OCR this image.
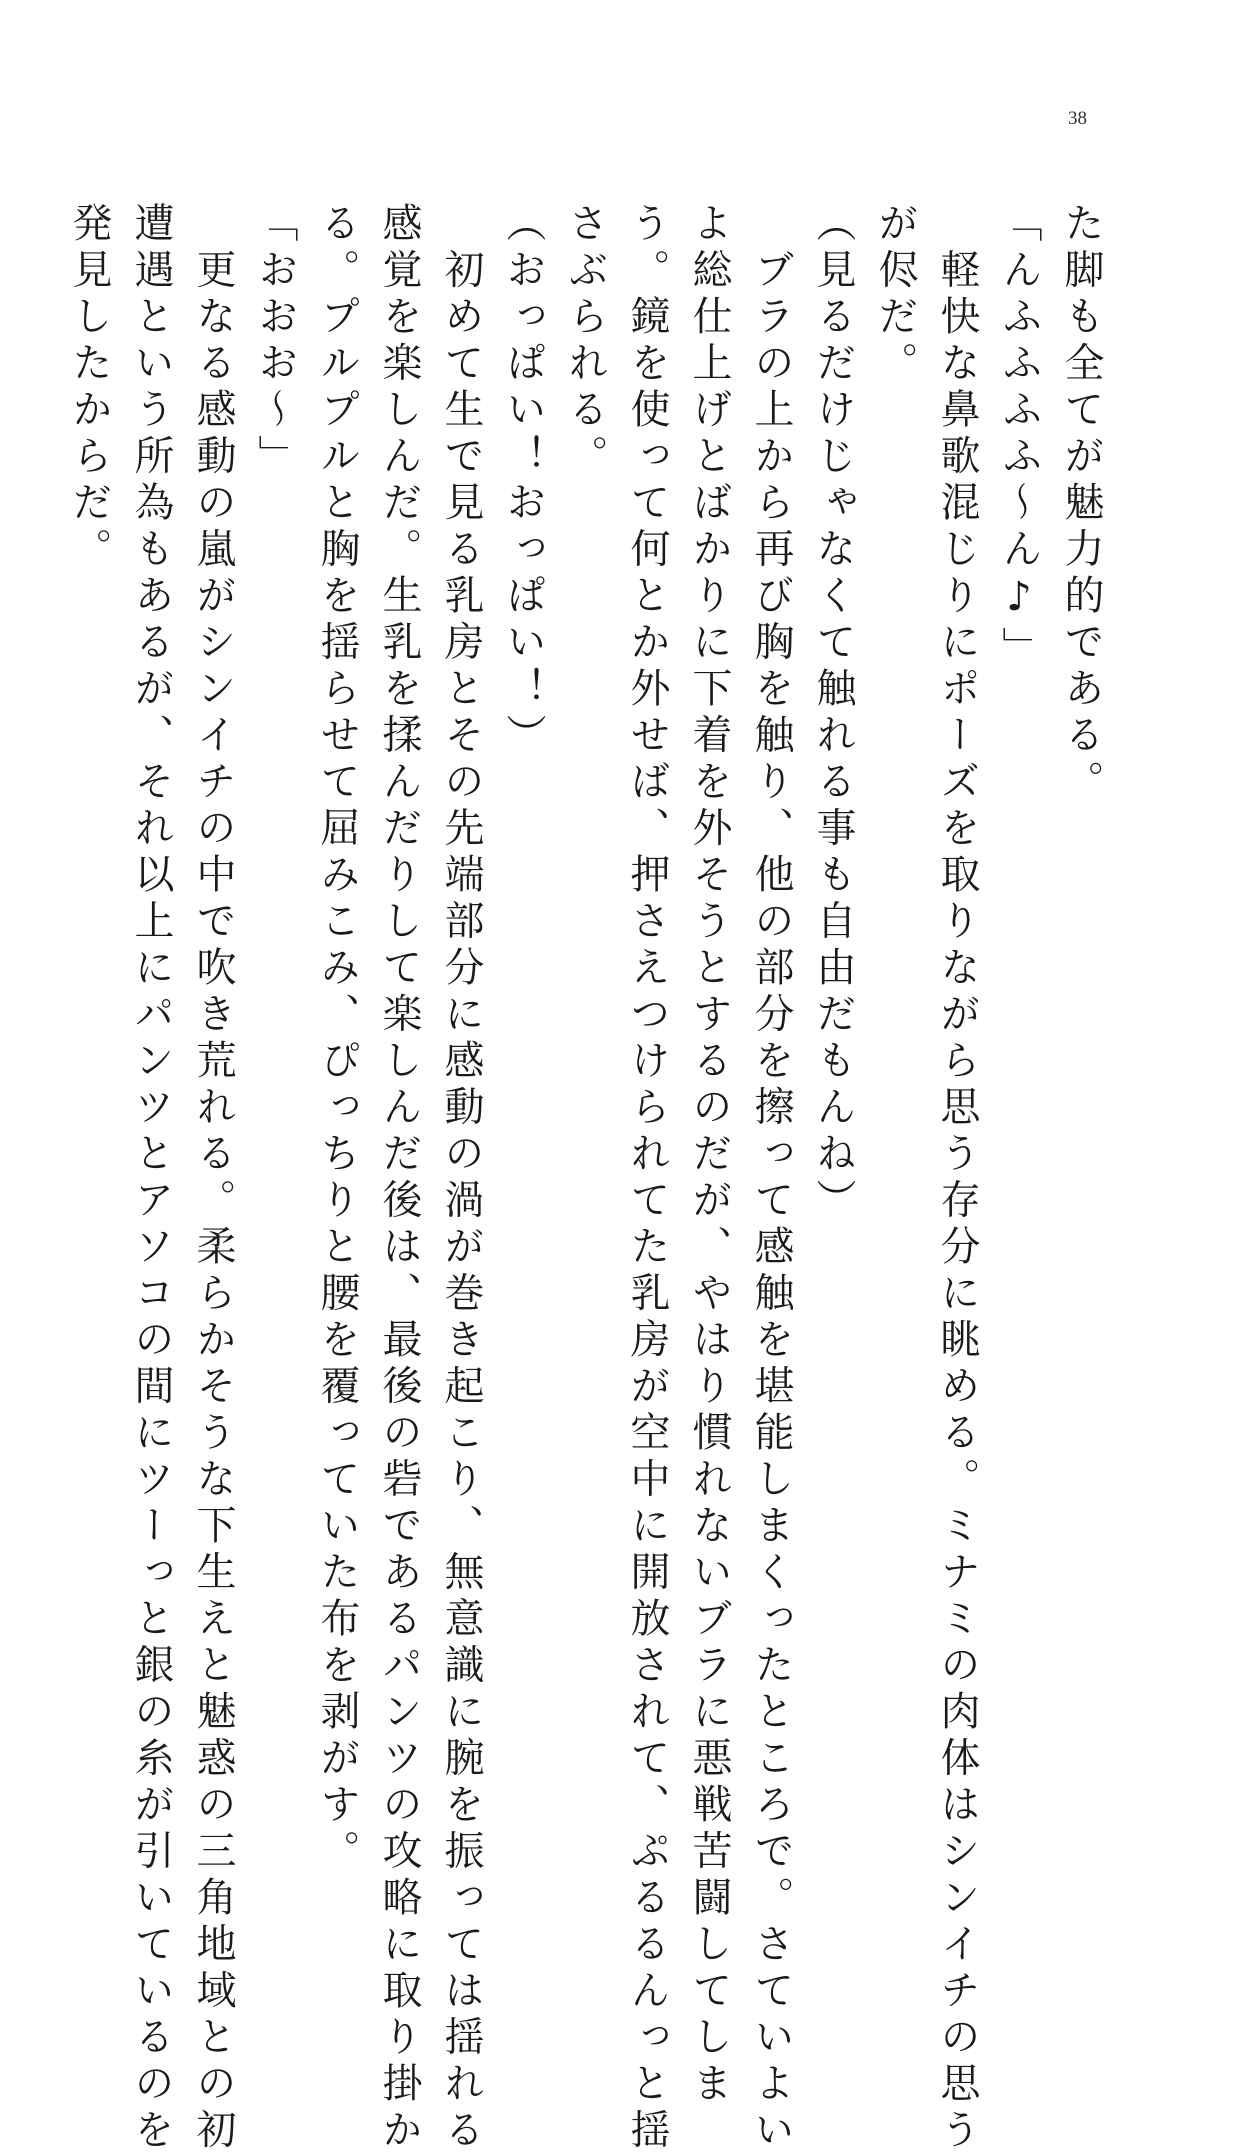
38

た脚も全てが魅力的である。

「んふふふふ～ん♪」

　軽快な鼻歌混じりにポーズを取りながら思う存分に眺める。ミナミの肉体はシンイチの思う

が侭だ。

（見るだけじゃなくて触れる事も自由だもんね）

　ブラの上から再び胸を触り、他の部分を擦って感触を堪能しまくったところで。さていよい

よ総仕上げとばかりに下着を外そうとするのだが、やはり慣れないブラに悪戦苦闘してしま

う。鏡を使って何とか外せば、押さえつけられてた乳房が空中に開放されて、ぷるるんっと揺

さぶられる。

（おっぱい！おっぱい！）

　初めて生で見る乳房とその先端部分に感動の渦が巻き起こり、無意識に腕を振っては揺れる

感覚を楽しんだ。生乳を揉んだりして楽しんだ後は、最後の砦であるパンツの攻略に取り掛か

る。プルプルと胸を揺らせて屈みこみ、ぴっちりと腰を覆っていた布を剥がす。

「おおお～」

　更なる感動の嵐がシンイチの中で吹き荒れる。柔らかそうな下生えと魅惑の三角地域との初

遭遇という所為もあるが、それ以上にパンツとアソコの間にツーっと銀の糸が引いているのを

発見したからだ。
